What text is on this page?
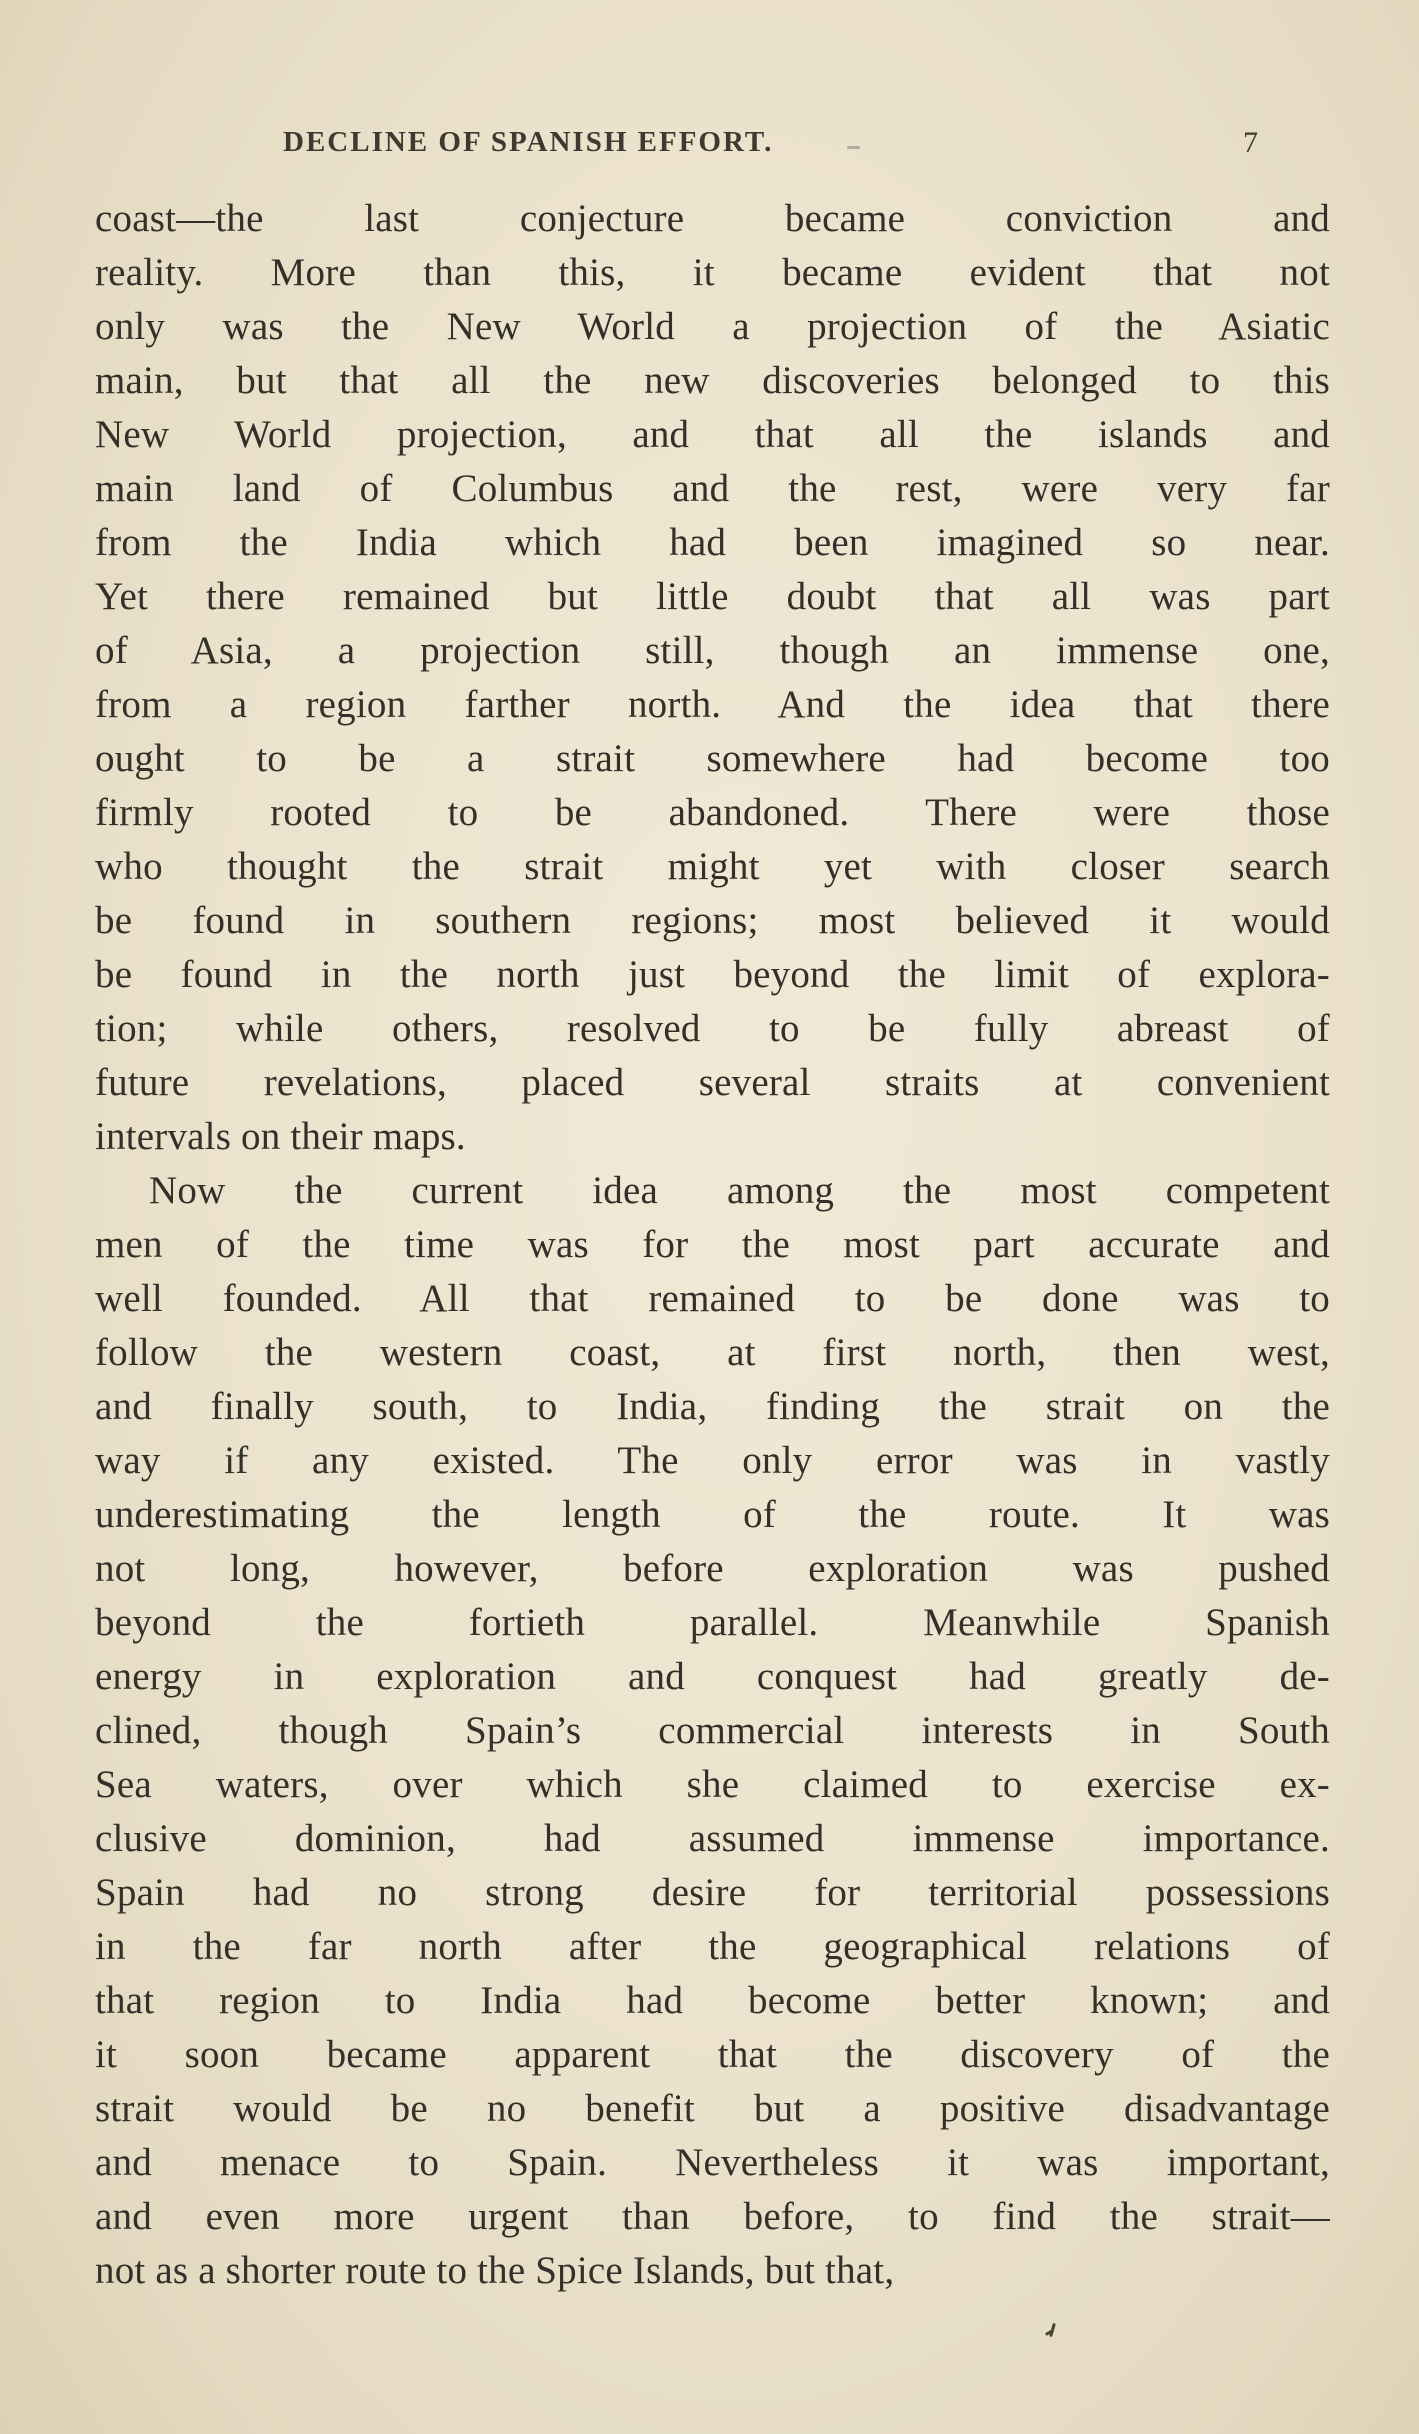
DECLINE OF SPANISH EFFORT.	7
coast—the last conjecture became conviction and
reality. More than this, it became evident that not
only was the New World a projection of the Asiatic
main, but that all the new discoveries belonged to this
New World projection, and that all the islands and
main land of Columbus and the rest, were very far
from the India which had been imagined so near.
Yet there remained but little doubt that all was part
of Asia, a projection still, though an immense one,
from a region farther north. And the idea that there
ought to be a strait somewhere had become too
firmly rooted to be abandoned. There were those
who thought the strait might yet with closer search
be found in southern regions; most believed it would
be found in the north just beyond the limit of explora-
tion; while others, resolved to be fully abreast of
future revelations, placed several straits at convenient
intervals on their maps.
Now the current idea among the most competent
men of the time was for the most part accurate and
well founded. All that remained to be done was to
follow the western coast, at first north, then west,
and finally south, to India, finding the strait on the
way if any existed. The only error was in vastly
underestimating the length of the route. It was
not long, however, before exploration was pushed
beyond the fortieth parallel. Meanwhile Spanish
energy in exploration and conquest had greatly de-
clined, though Spain’s commercial interests in South
Sea waters, over which she claimed to exercise ex-
clusive dominion, had assumed immense importance.
Spain had no strong desire for territorial possessions
in the far north after the geographical relations of
that region to India had become better known; and
it soon became apparent that the discovery of the
strait would be no benefit but a positive disadvantage
and menace to Spain. Nevertheless it was important,
and even more urgent than before, to find the strait—
not as a shorter route to the Spice Islands, but that,
